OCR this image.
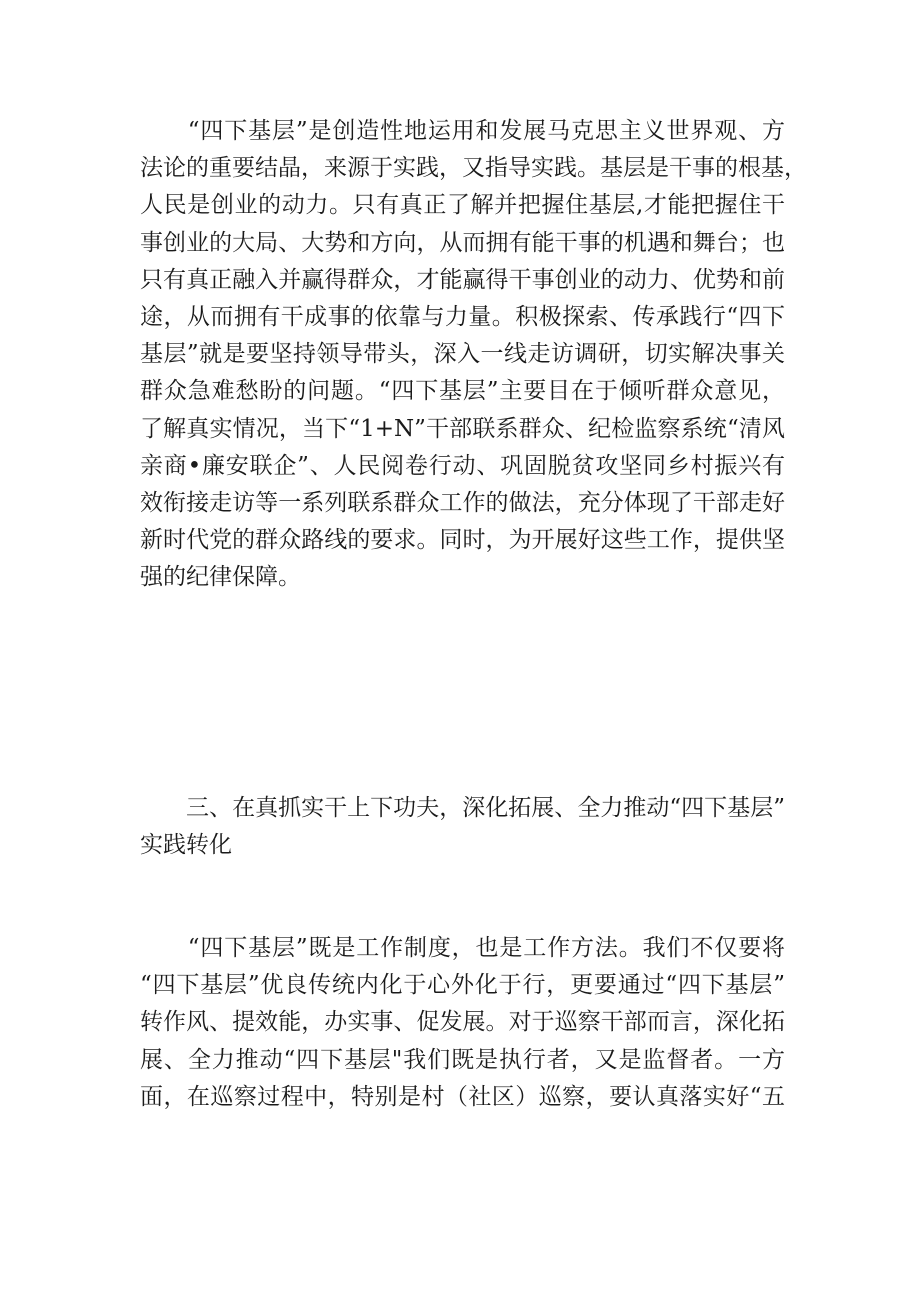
　　“四下基层”是创造性地运用和发展马克思主义世界观、方
法论的重要结晶，来源于实践，又指导实践。基层是干事的根基，
人民是创业的动力。只有真正了解并把握住基层,才能把握住干
事创业的大局、大势和方向，从而拥有能干事的机遇和舞台；也
只有真正融入并赢得群众，才能赢得干事创业的动力、优势和前
途，从而拥有干成事的依靠与力量。积极探索、传承践行“四下
基层”就是要坚持领导带头，深入一线走访调研，切实解决事关
群众急难愁盼的问题。“四下基层”主要目在于倾听群众意见，
了解真实情况，当下“1+N”干部联系群众、纪检监察系统“清风
亲商•廉安联企”、人民阅卷行动、巩固脱贫攻坚同乡村振兴有
效衔接走访等一系列联系群众工作的做法，充分体现了干部走好
新时代党的群众路线的要求。同时，为开展好这些工作，提供坚
强的纪律保障。
　　三、在真抓实干上下功夫，深化拓展、全力推动“四下基层”
实践转化
　　“四下基层”既是工作制度，也是工作方法。我们不仅要将
“四下基层”优良传统内化于心外化于行，更要通过“四下基层”
转作风、提效能，办实事、促发展。对于巡察干部而言，深化拓
展、全力推动“四下基层"我们既是执行者，又是监督者。一方
面，在巡察过程中，特别是村（社区）巡察，要认真落实好“五
